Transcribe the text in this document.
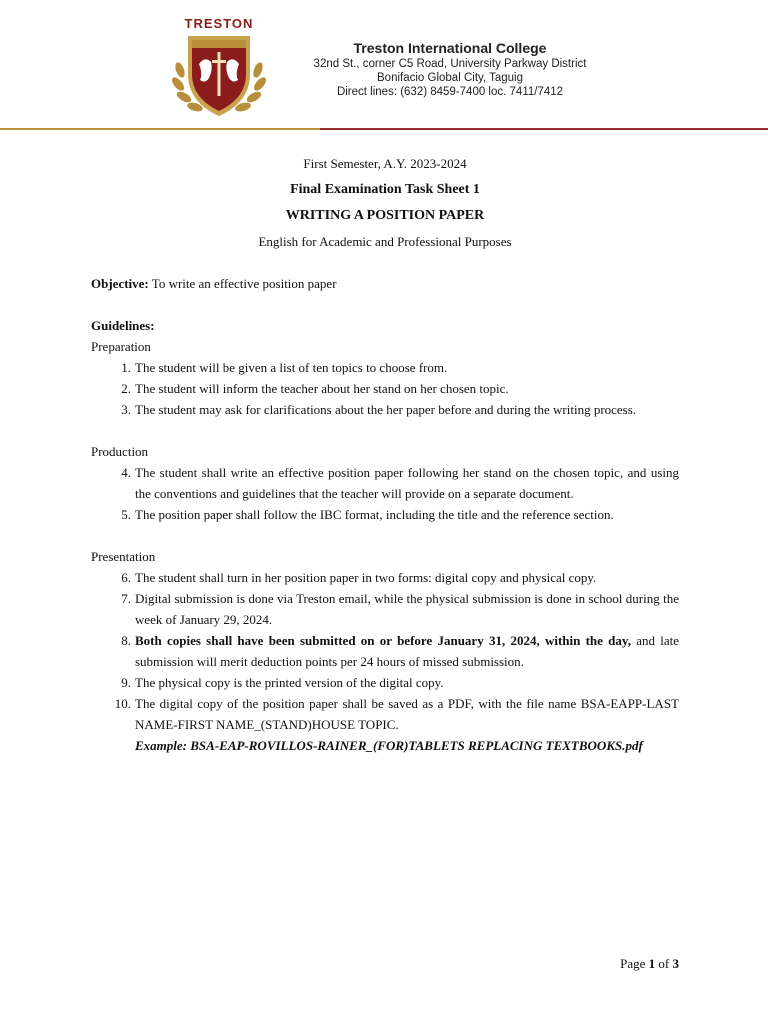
TRESTON
Treston International College
32nd St., corner C5 Road, University Parkway District
Bonifacio Global City, Taguig
Direct lines: (632) 8459-7400 loc. 7411/7412
First Semester, A.Y. 2023-2024
Final Examination Task Sheet 1
WRITING A POSITION PAPER
English for Academic and Professional Purposes
Objective: To write an effective position paper
Guidelines:
Preparation
1. The student will be given a list of ten topics to choose from.
2. The student will inform the teacher about her stand on her chosen topic.
3. The student may ask for clarifications about the her paper before and during the writing process.
Production
4. The student shall write an effective position paper following her stand on the chosen topic, and using the conventions and guidelines that the teacher will provide on a separate document.
5. The position paper shall follow the IBC format, including the title and the reference section.
Presentation
6. The student shall turn in her position paper in two forms: digital copy and physical copy.
7. Digital submission is done via Treston email, while the physical submission is done in school during the week of January 29, 2024.
8. Both copies shall have been submitted on or before January 31, 2024, within the day, and late submission will merit deduction points per 24 hours of missed submission.
9. The physical copy is the printed version of the digital copy.
10. The digital copy of the position paper shall be saved as a PDF, with the file name BSA-EAPP-LAST NAME-FIRST NAME_(STAND)HOUSE TOPIC.
Example: BSA-EAP-ROVILLOS-RAINER_(FOR)TABLETS REPLACING TEXTBOOKS.pdf
Page 1 of 3
